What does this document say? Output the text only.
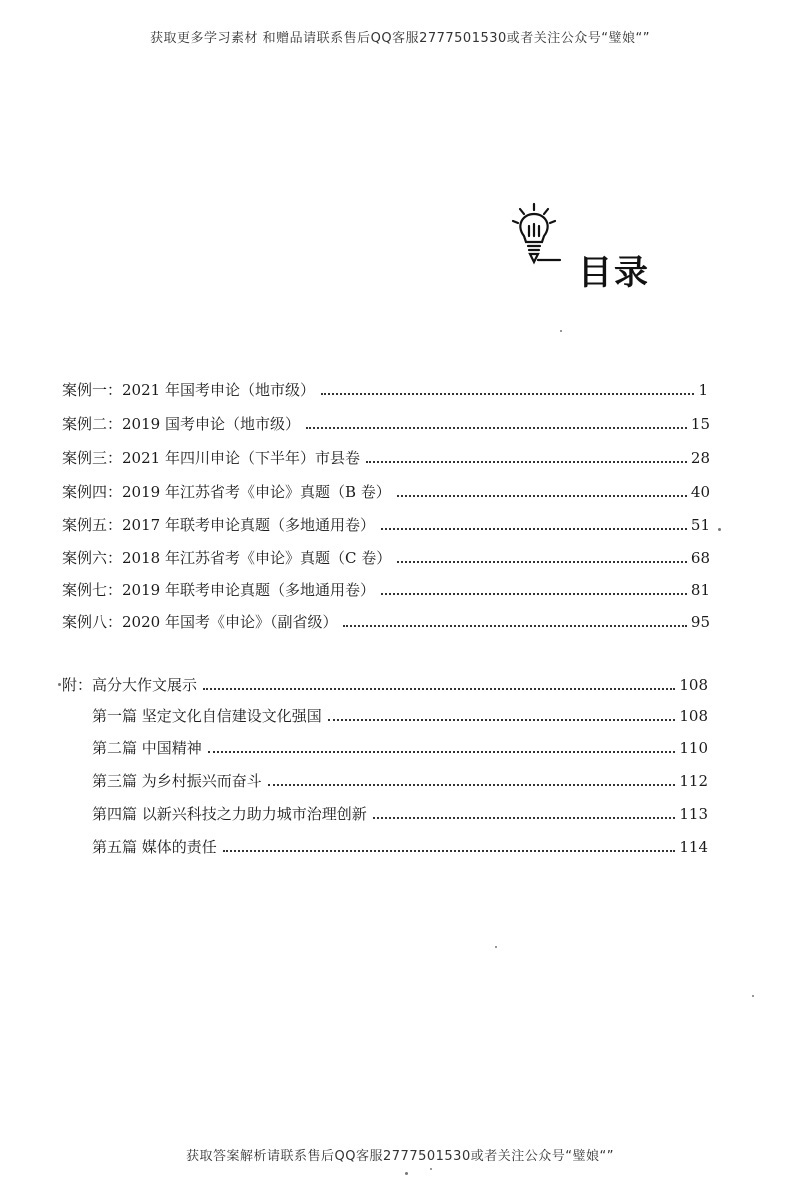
获取更多学习素材 和赠品请联系售后QQ客服2777501530或者关注公众号“璧娘“”
目录
案例一：2021 年国考申论（地市级）	1
案例二：2019 国考申论（地市级）	15
案例三：2021 年四川申论（下半年）市县卷	28
案例四：2019 年江苏省考《申论》真题（B 卷）	40
案例五：2017 年联考申论真题（多地通用卷）	51
案例六：2018 年江苏省考《申论》真题（C 卷）	68
案例七：2019 年联考申论真题（多地通用卷）	81
案例八：2020 年国考《申论》（副省级）	95
附：高分大作文展示	108
第一篇 坚定文化自信建设文化强国	108
第二篇 中国精神	110
第三篇 为乡村振兴而奋斗	112
第四篇 以新兴科技之力助力城市治理创新	113
第五篇 媒体的责任	114
获取答案解析请联系售后QQ客服2777501530或者关注公众号“璧娘“”
